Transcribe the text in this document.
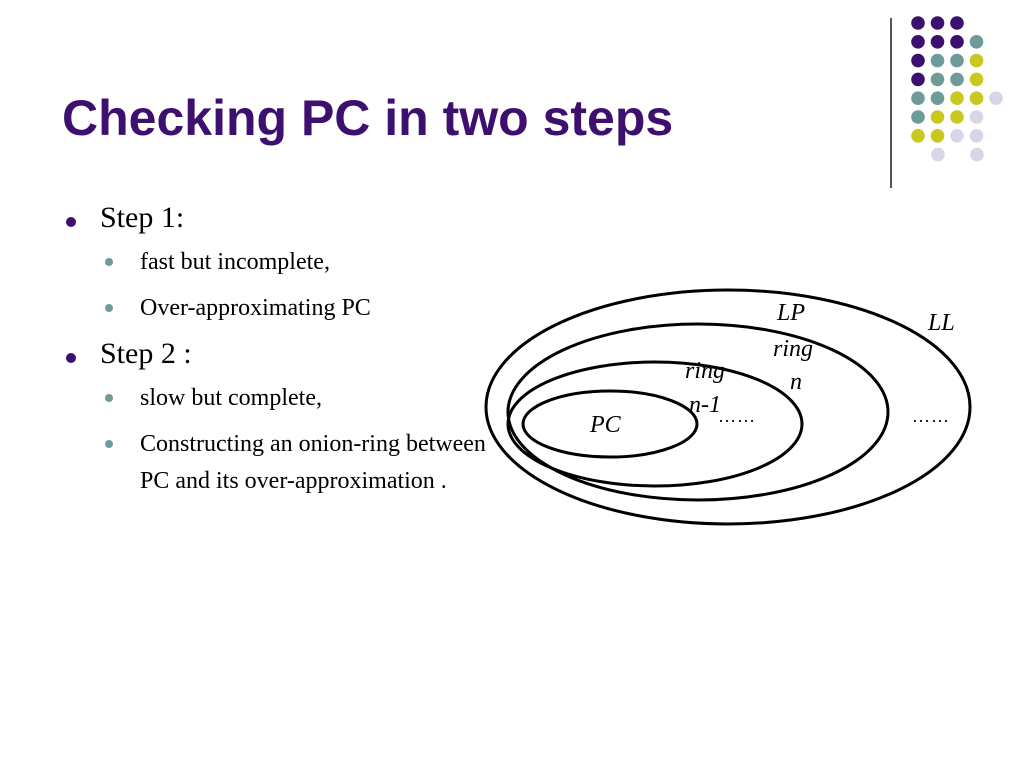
Checking PC in two steps
Step 1:
fast but incomplete,
Over-approximating PC
Step 2 :
slow but complete,
Constructing an onion-ring between PC and its over-approximation .
PC
ring
n-1
LP
ring
n
LL
……	……
